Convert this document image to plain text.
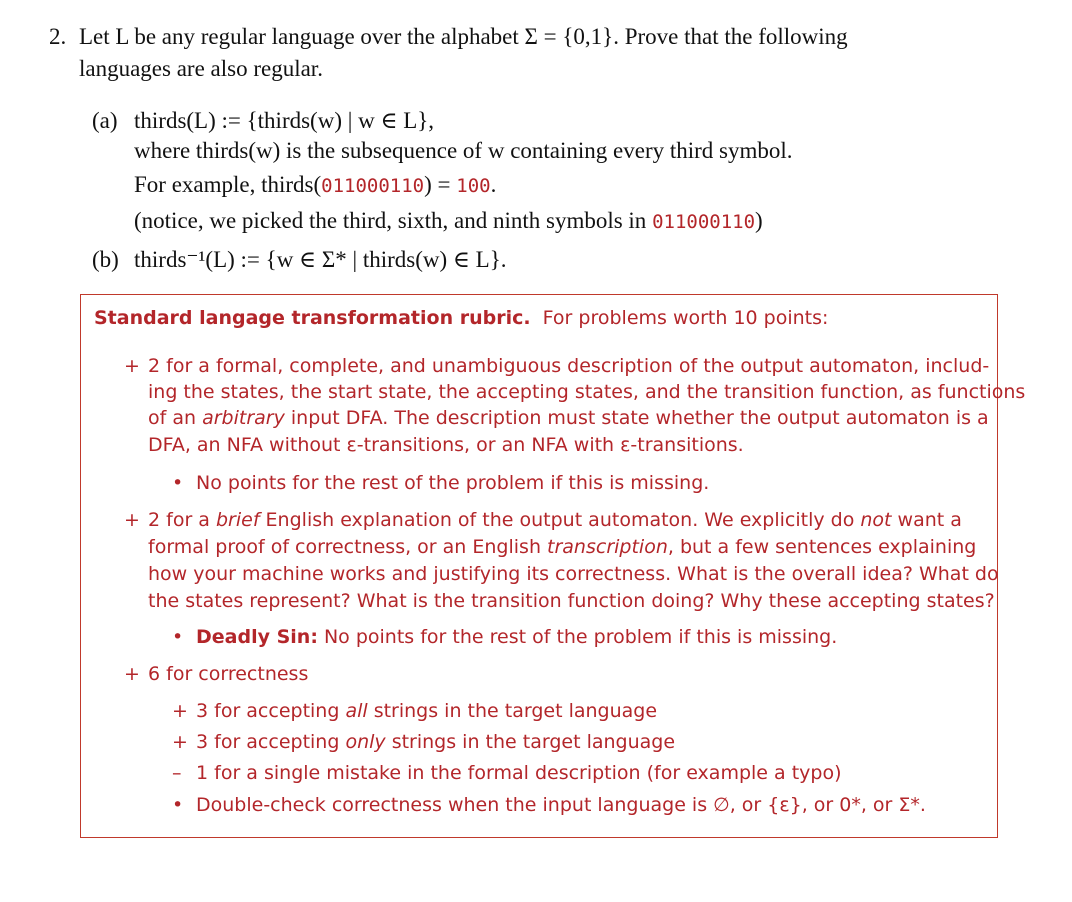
2. Let L be any regular language over the alphabet Σ = {0,1}. Prove that the following
languages are also regular.
(a) thirds(L) := {thirds(w) | w ∈ L},
where thirds(w) is the subsequence of w containing every third symbol.
For example, thirds(011000110) = 100.
(notice, we picked the third, sixth, and ninth symbols in 011000110)
(b) thirds⁻¹(L) := {w ∈ Σ* | thirds(w) ∈ L}.
Standard langage transformation rubric. For problems worth 10 points:
+ 2 for a formal, complete, and unambiguous description of the output automaton, includ-
ing the states, the start state, the accepting states, and the transition function, as functions
of an arbitrary input DFA. The description must state whether the output automaton is a
DFA, an NFA without ε-transitions, or an NFA with ε-transitions.
• No points for the rest of the problem if this is missing.
+ 2 for a brief English explanation of the output automaton. We explicitly do not want a
formal proof of correctness, or an English transcription, but a few sentences explaining
how your machine works and justifying its correctness. What is the overall idea? What do
the states represent? What is the transition function doing? Why these accepting states?
• Deadly Sin: No points for the rest of the problem if this is missing.
+ 6 for correctness
+ 3 for accepting all strings in the target language
+ 3 for accepting only strings in the target language
– 1 for a single mistake in the formal description (for example a typo)
• Double-check correctness when the input language is ∅, or {ε}, or 0*, or Σ*.
